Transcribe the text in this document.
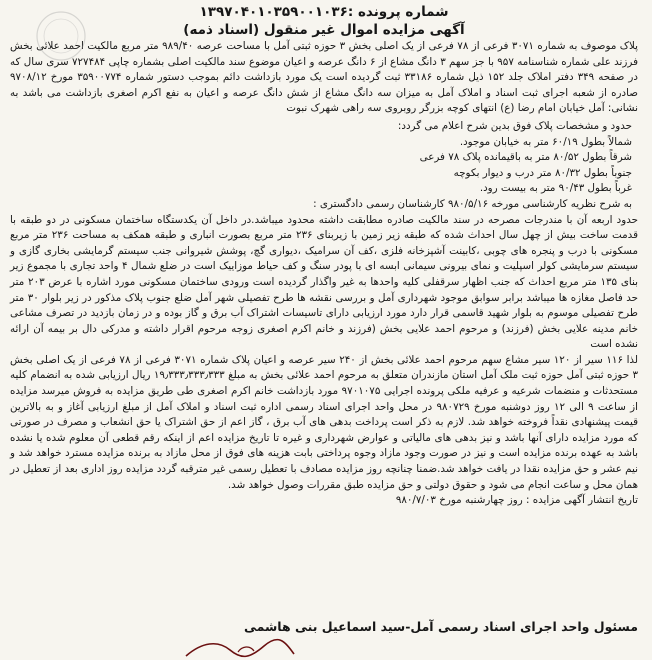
شماره پرونده :۱۳۹۷۰۴۰۱۰۳۵۹۰۰۱۰۳۶
آگهی مزایده اموال غیر منقول (اسناد ذمه)

پلاک موصوف به شماره ۳۰۷۱ فرعی از ۷۸ فرعی از یک اصلی بخش ۳ حوزه ثبتی آمل با مساحت عرصه ۹۸۹/۴۰ متر مربع مالکیت احمد علائی بخش فرزند علی شماره شناسنامه ۹۵۷ با جز سهم ۳ دانگ مشاع از ۶ دانگ عرصه و اعیان موضوع سند مالکیت اصلی بشماره چاپی ۷۲۷۴۸۴ سری سال که در صفحه ۳۴۹ دفتر املاک جلد ۱۵۲ ذیل شماره ۳۳۱۸۶ ثبت گردیده است یک مورد بازداشت دائم بموجب دستور شماره ۳۵۹۰۰۷۷۴ مورخ ۹۷۰۸/۱۲ صادره از شعبه اجرای ثبت اسناد و املاک آمل به میزان سه دانگ مشاع از شش دانگ عرصه و اعیان به نفع اکرم اصغری بازداشت می باشد به نشانی: آمل خیابان امام رضا (ع) انتهای کوچه بزرگر روبروی سه راهی شهرک نبوت

حدود و مشخصات پلاک فوق بدین شرح اعلام می گردد:
شمالاً بطول ۶۰/۱۹ متر به خیابان موجود.
شرقاً بطول ۸۰/۵۲ متر به باقیمانده پلاک ۷۸ فرعی
جنوباً بطول ۸۰/۳۲ متر درب و دیوار بکوچه
غرباً بطول ۹۰/۴۳ متر به بیست رود.
به شرح نظریه کارشناسی مورخه ۹۸۰/۵/۱۶ کارشناسان رسمی دادگستری :

حدود اربعه آن با مندرجات مصرحه در سند مالکیت صادره مطابقت داشته محدود میباشد.در داخل آن یکدستگاه ساختمان مسکونی در دو طبقه با قدمت ساخت بیش از چهل سال احداث شده که طبقه زیر زمین با زیربنای ۲۳۶ متر مربع بصورت انباری و طبقه همکف به مساحت ۲۳۶ متر مربع مسکونی با درب و پنجره های چوبی ،کابینت آشپزخانه فلزی ،کف آن سرامیک ،دیواری گچ، پوشش شیروانی جنب سیستم گرمایشی بخاری گازی و سیستم سرمایشی کولر اسپلیت و نمای بیرونی سیمانی ابسه ای با پودر سنگ و کف حیاط موزاییک است در ضلع شمال ۴ واحد تجاری با مجموع زیر بنای ۱۳۵ متر مربع احداث که جنب اظهار سرقفلی کلیه واحدها به غیر واگذار گردیده است ورودی ساختمان مسکونی مورد اشاره با عرض ۲۰۳ متر حد فاصل مغازه ها میباشد برابر سوابق موجود شهرداری آمل و بررسی نقشه ها طرح تفصیلی شهر آمل ضلع جنوب پلاک مذکور در زیر بلوار ۳۰ متر طرح تفصیلی موسوم به بلوار شهید قاسمی قرار دارد مورد ارزیابی دارای تاسیسات اشتراک آب برق و گاز بوده و در زمان بازدید در تصرف مشاعی خانم مدینه علایی بخش (فرزند) و مرحوم احمد علایی بخش (فرزند و خانم اکرم اصغری زوجه مرحوم اقرار داشته و مدرکی دال بر بیمه آن ارائه نشده است

لذا ۱۱۶ سیر از ۱۲۰ سیر مشاع سهم مرحوم احمد علائی بخش از ۲۴۰ سیر عرصه و اعیان پلاک شماره ۳۰۷۱ فرعی از ۷۸ فرعی از یک اصلی بخش ۳ حوزه ثبتی آمل حوزه ثبت ملک آمل استان مازندران متعلق به مرحوم احمد علائی بخش به مبلغ ۱۹٫۳۳۳٫۳۳۳٫۳۳۳ ریال ارزیابی شده به انضمام کلیه مستحدثات و منضمات شرعیه و عرفیه ملکی پرونده اجرایی ۹۷۰۱۰۷۵ مورد بازداشت خانم اکرم اصغری طی طریق مزایده به فروش میرسد مزایده از ساعت ۹ الی ۱۲ روز دوشنبه مورخ ۹۸۰۷۲۹ در محل واحد اجرای اسناد رسمی اداره ثبت اسناد و املاک آمل از مبلغ ارزیابی آغاز و به بالاترین قیمت پیشنهادی نقداً فروخته خواهد شد. لازم به ذکر است پرداخت بدهی های آب برق ، گاز اعم از حق اشتراک یا حق انشعاب و مصرف در صورتی که مورد مزایده دارای آنها باشد و نیز بدهی های مالیاتی و عوارض شهرداری و غیره تا تاریخ مزایده اعم از اینکه رقم قطعی آن معلوم شده یا نشده باشد به عهده برنده مزایده است و نیز در صورت وجود مازاد وجوه پرداختی بابت هزینه های فوق از محل مازاد به برنده مزایده مسترد خواهد شد و نیم عشر و حق مزایده نقدا در یافت خواهد شد.ضمنا چنانچه روز مزایده مصادف با تعطیل رسمی غیر مترقبه گردد مزایده روز اداری بعد از تعطیل در همان محل و ساعت انجام می شود و حقوق دولتی و حق مزایده طبق مقررات وصول خواهد شد.

تاریخ انتشار آگهی مزایده : روز چهارشنبه مورخ ۹۸۰/۷/۰۳

مسئول واحد اجرای اسناد رسمی آمل-سید اسماعیل بنی هاشمی
